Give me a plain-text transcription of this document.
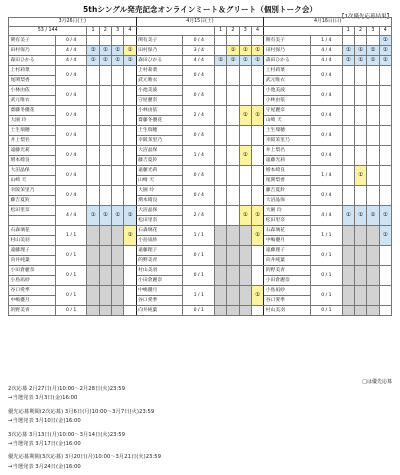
5thシングル発売記念オンラインミート＆グリート（個別トーク会）
【1次優先応募結果】
3月26日(土)						4月15日(土)						4月16日(日)					
53 / 144		1	2	3	4			1	2	3	4			1	2	3	4
関有美子	0 / 4					関有美子	0 / 4					関有美子	1 / 4				①
田村保乃	4 / 4	①	①	①	①	田村保乃	3 / 4		①	①	①	田村保乃	4 / 4	①	①	①	①
森田ひかる	4 / 4	①	①	①	①	森田ひかる	4 / 4	①	①	①	①	森田ひかる	4 / 4	①	①	①	①
上村莉菜	0 / 4					上村莉菜	0 / 4					上村莉菜	0 / 4				
尾関梨香						武元唯衣						武元唯衣					
小林由依	0 / 4					小池美波	0 / 4					小池美波	0 / 4				
武元唯衣						守屋麗奈						小林由依					
齋藤冬優花	0 / 4					小林由依	2 / 4			①	①	守屋麗奈	0 / 4				
大園 玲						齋藤冬優花						山崎 天					
土生瑞穂	0 / 4					土生瑞穂	0 / 4					土生瑞穂	0 / 4				
井上梨名						幸阪茉里乃						幸阪茉里乃					
遠藤光莉	0 / 4					大沼晶保	1 / 4			①		井上梨名	0 / 4				
増本綺良						藤吉夏鈴						遠藤光莉					
大沼晶保	0 / 4					遠藤光莉	0 / 4					増本綺良	1 / 4		①		
山崎 天						山崎 天						尾関梨香					
幸阪茉里乃	0 / 4					大園 玲	0 / 4					藤吉夏鈴	0 / 4				
藤吉夏鈴						増本綺良						大沼晶保					
松田里奈	4 / 4	①	①	①	①	大沼晶保	2 / 4			①	①	大園 玲	4 / 4	①	①	①	①
						松田里奈						松田里奈					
石森璃花	1 / 1				①	石森璃花	1 / 1				①	石森璃花	1 / 1				①
村山美羽						小島凪紗						中嶋優月					
遠藤理子	0 / 1					遠藤理子	0 / 1					遠藤理子	0 / 1				
向井純葉						的野美青						向井純葉					
小田倉麗奈	0 / 1					村山美羽	0 / 1					的野美青	0 / 1				
小島凪紗						小田倉麗奈						小田倉麗奈					
谷口愛季	0 / 1					中嶋優月	1 / 1				①	小島凪紗	0 / 1				
中嶋優月						谷口愛季						谷口愛季					
的野美青	0 / 1					向井純葉	0 / 1					村山美羽	0 / 1				
□は優先応募
2次応募 2月27日(月)10:00〜2月28日(火)23:59
→当選発表 3月3日(金)16:00
優先応募期間(2次応募) 3月6日(月)10:00〜3月7日(火)23:59
→当選発表 3月10日(金)16:00
3次応募 3月13日(月)10:00〜3月14日(火)23:59
→当選発表 3月17日(金)16:00
優先応募期間(3次応募) 3月20日(月)10:00〜3月21日(火)23:59
→当選発表 3月24日(金)16:00
